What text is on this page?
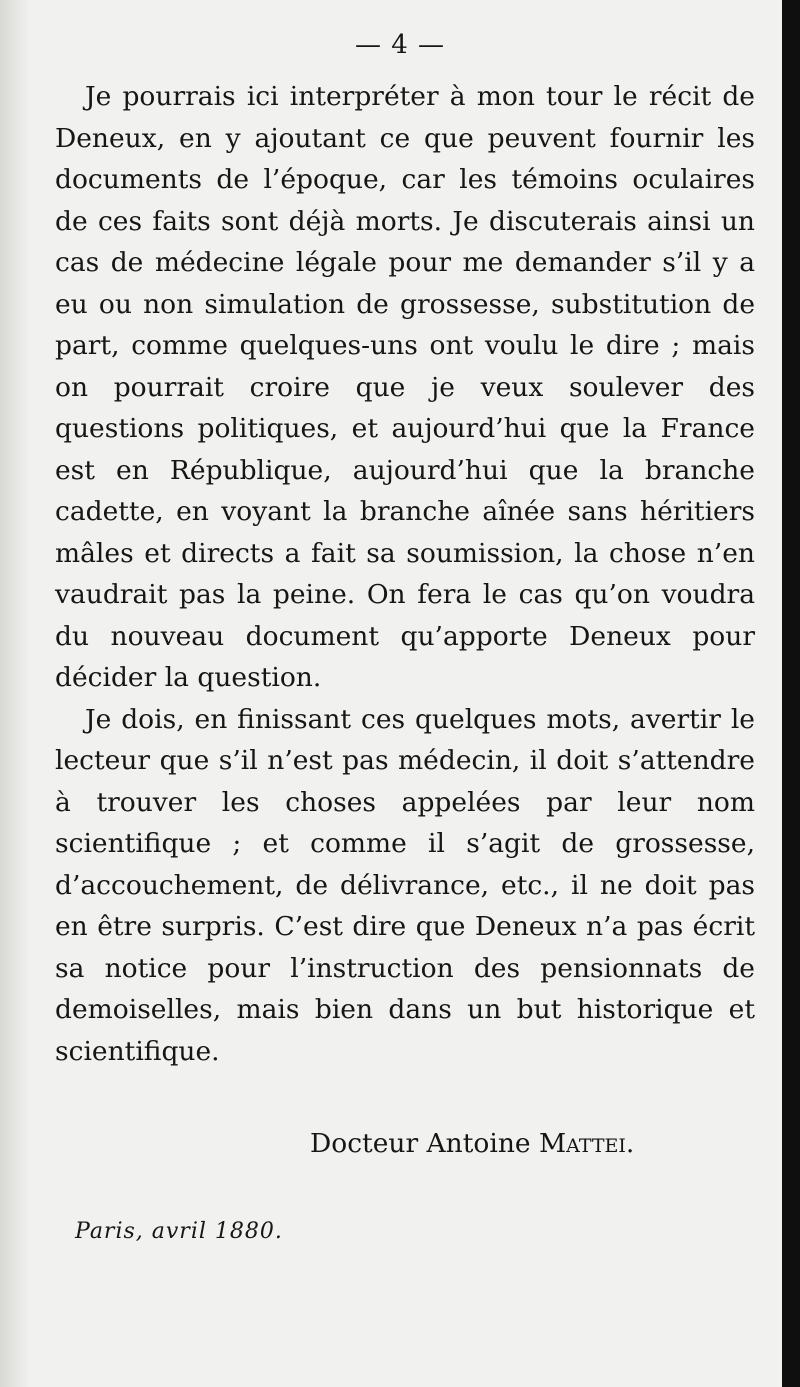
— 4 —

Je pourrais ici interpréter à mon tour le récit de Deneux, en y ajoutant ce que peuvent fournir les documents de l’époque, car les témoins oculaires de ces faits sont déjà morts. Je discuterais ainsi un cas de médecine légale pour me demander s’il y a eu ou non simulation de grossesse, substitution de part, comme quelques-uns ont voulu le dire ; mais on pourrait croire que je veux soulever des questions politiques, et aujourd’hui que la France est en République, aujourd’hui que la branche cadette, en voyant la branche aînée sans héritiers mâles et directs a fait sa soumission, la chose n’en vaudrait pas la peine. On fera le cas qu’on voudra du nouveau document qu’apporte Deneux pour décider la question.

Je dois, en finissant ces quelques mots, avertir le lecteur que s’il n’est pas médecin, il doit s’attendre à trouver les choses appelées par leur nom scientifique ; et comme il s’agit de grossesse, d’accouchement, de délivrance, etc., il ne doit pas en être surpris. C’est dire que Deneux n’a pas écrit sa notice pour l’instruction des pensionnats de demoiselles, mais bien dans un but historique et scientifique.

Docteur Antoine Mattei.
Paris, avril 1880.
